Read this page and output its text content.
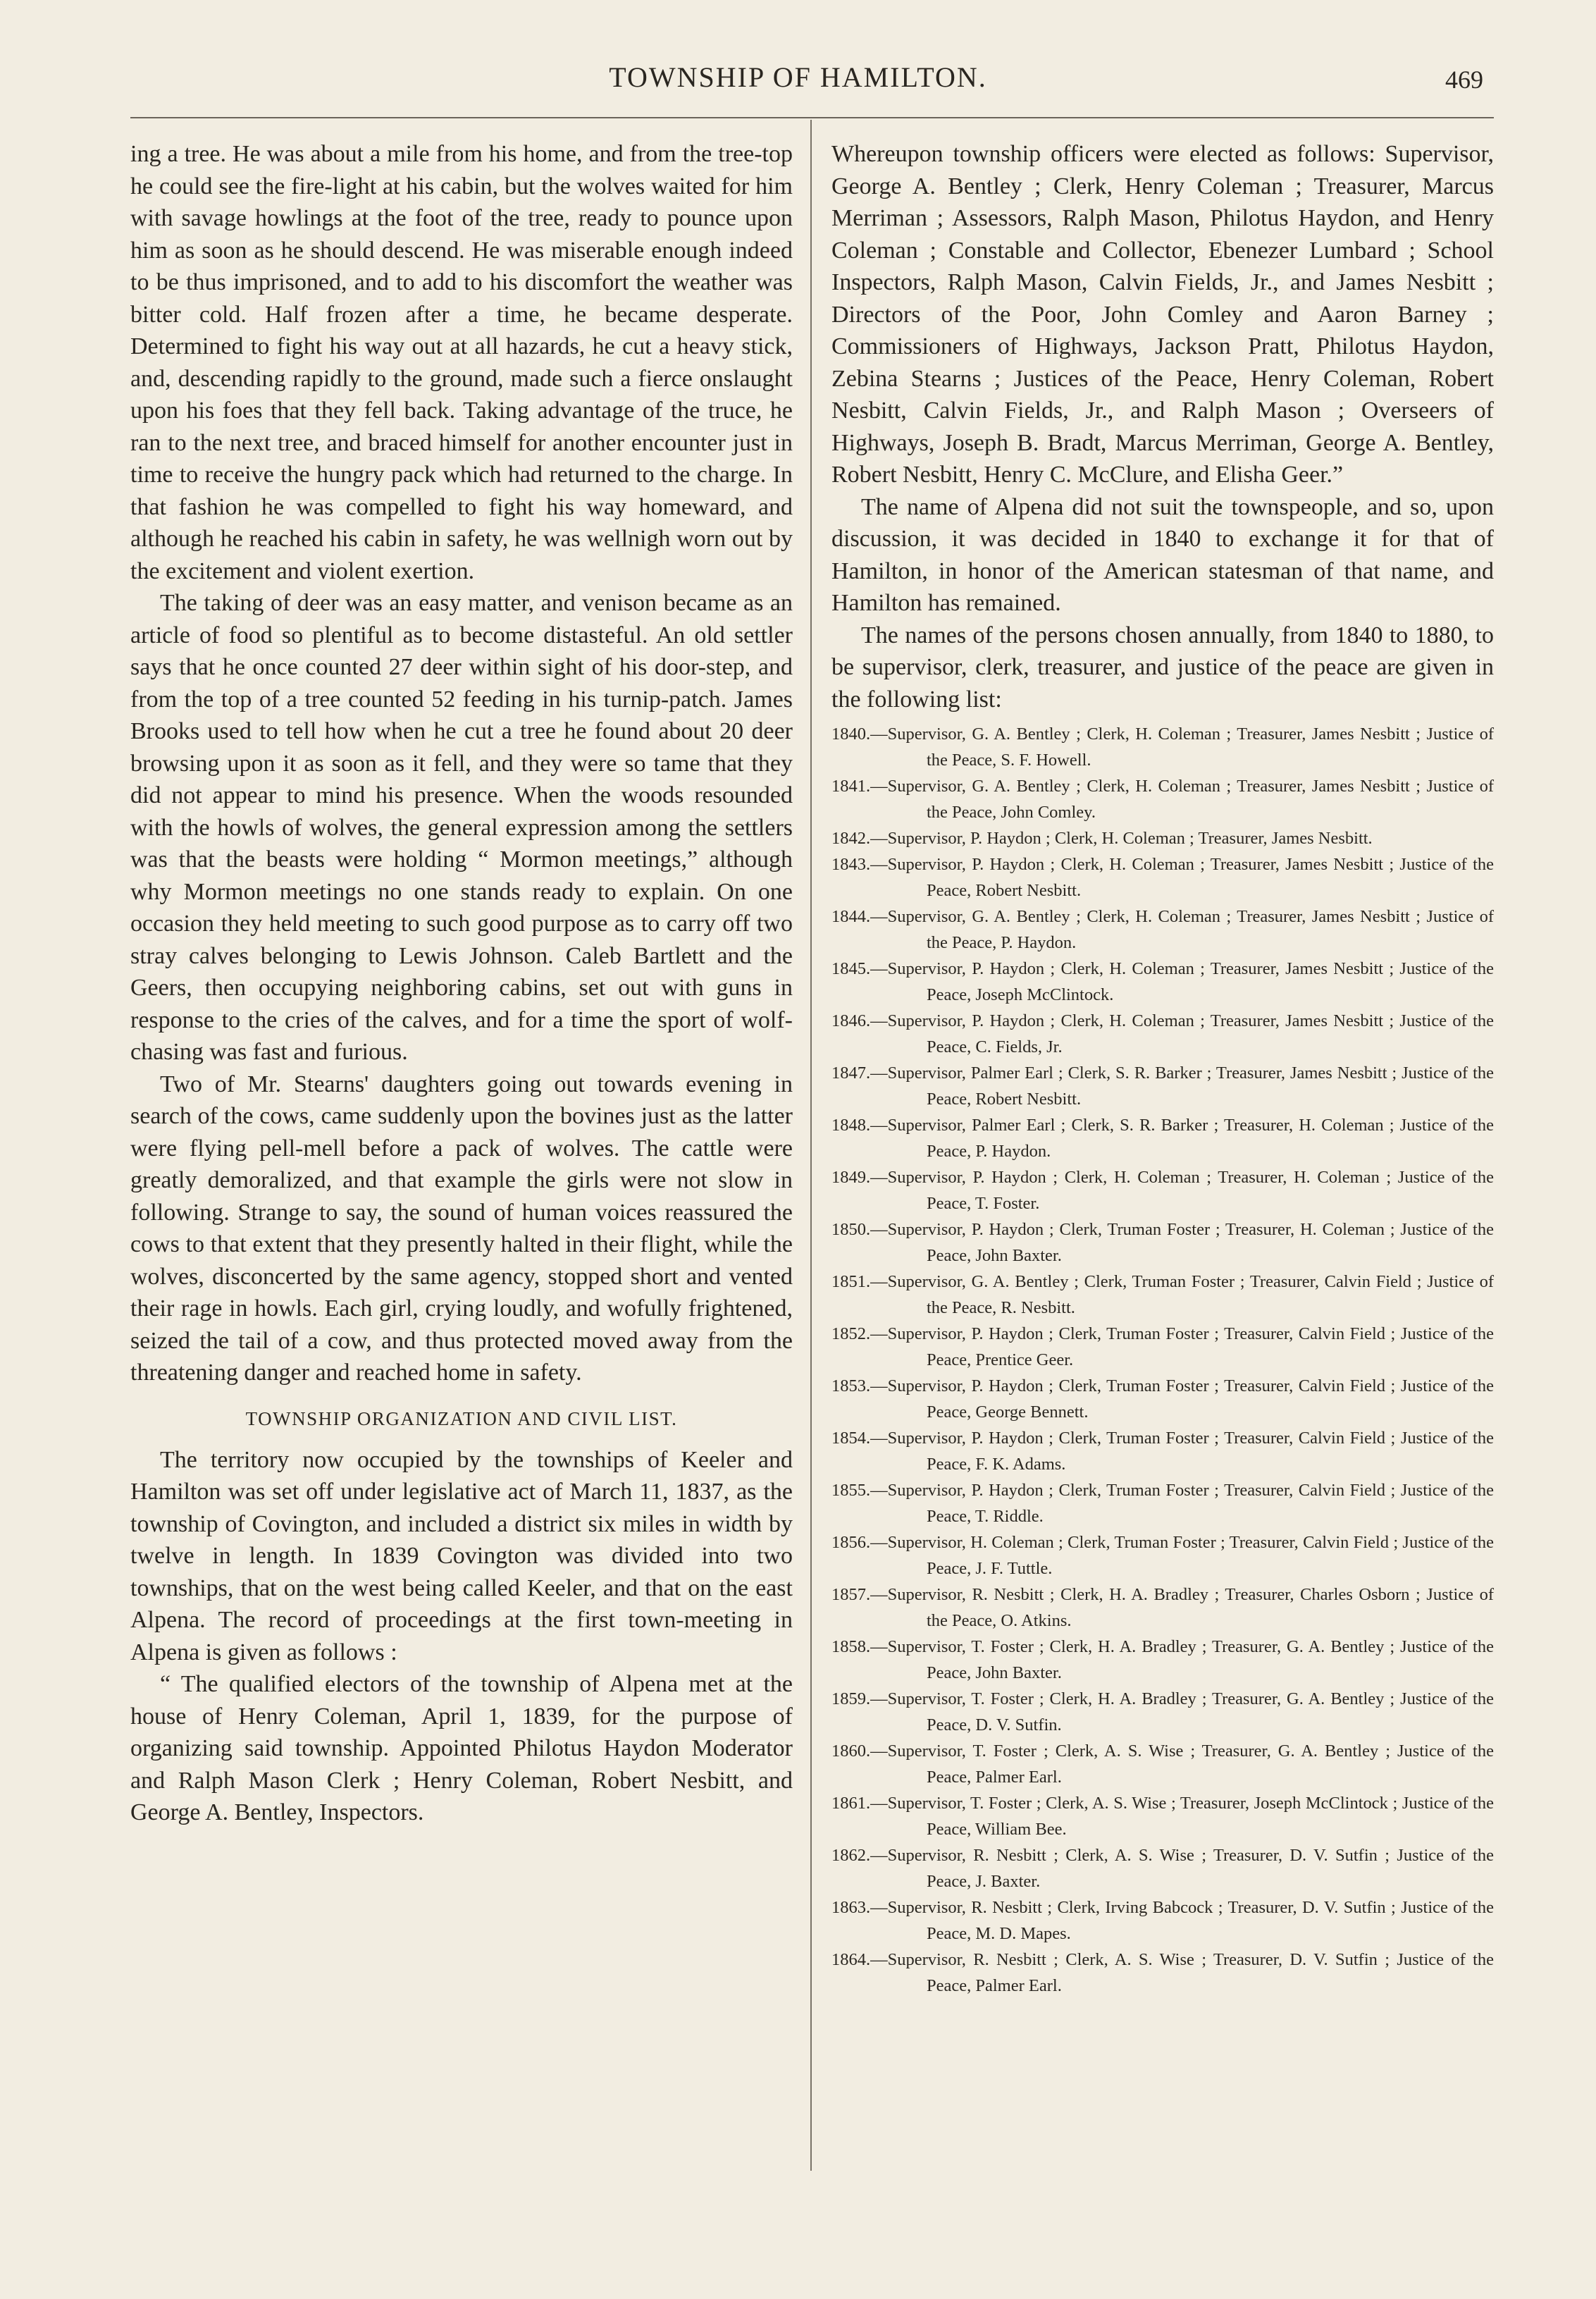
TOWNSHIP OF HAMILTON.	469

ing a tree. He was about a mile from his home, and from the tree-top he could see the fire-light at his cabin, but the wolves waited for him with savage howlings at the foot of the tree, ready to pounce upon him as soon as he should descend. He was miserable enough indeed to be thus imprisoned, and to add to his discomfort the weather was bitter cold. Half frozen after a time, he became desperate. Determined to fight his way out at all hazards, he cut a heavy stick, and, descending rapidly to the ground, made such a fierce onslaught upon his foes that they fell back. Taking advantage of the truce, he ran to the next tree, and braced himself for another encounter just in time to receive the hungry pack which had returned to the charge. In that fashion he was compelled to fight his way homeward, and although he reached his cabin in safety, he was wellnigh worn out by the excitement and violent exertion.

The taking of deer was an easy matter, and venison became as an article of food so plentiful as to become distasteful. An old settler says that he once counted 27 deer within sight of his door-step, and from the top of a tree counted 52 feeding in his turnip-patch. James Brooks used to tell how when he cut a tree he found about 20 deer browsing upon it as soon as it fell, and they were so tame that they did not appear to mind his presence. When the woods resounded with the howls of wolves, the general expression among the settlers was that the beasts were holding “ Mormon meetings,” although why Mormon meetings no one stands ready to explain. On one occasion they held meeting to such good purpose as to carry off two stray calves belonging to Lewis Johnson. Caleb Bartlett and the Geers, then occupying neighboring cabins, set out with guns in response to the cries of the calves, and for a time the sport of wolf-chasing was fast and furious.

Two of Mr. Stearns' daughters going out towards evening in search of the cows, came suddenly upon the bovines just as the latter were flying pell-mell before a pack of wolves. The cattle were greatly demoralized, and that example the girls were not slow in following. Strange to say, the sound of human voices reassured the cows to that extent that they presently halted in their flight, while the wolves, disconcerted by the same agency, stopped short and vented their rage in howls. Each girl, crying loudly, and wofully frightened, seized the tail of a cow, and thus protected moved away from the threatening danger and reached home in safety.

TOWNSHIP ORGANIZATION AND CIVIL LIST.

The territory now occupied by the townships of Keeler and Hamilton was set off under legislative act of March 11, 1837, as the township of Covington, and included a district six miles in width by twelve in length. In 1839 Covington was divided into two townships, that on the west being called Keeler, and that on the east Alpena. The record of proceedings at the first town-meeting in Alpena is given as follows :

“ The qualified electors of the township of Alpena met at the house of Henry Coleman, April 1, 1839, for the purpose of organizing said township. Appointed Philotus Haydon Moderator and Ralph Mason Clerk ; Henry Coleman, Robert Nesbitt, and George A. Bentley, Inspectors.

Whereupon township officers were elected as follows: Supervisor, George A. Bentley ; Clerk, Henry Coleman ; Treasurer, Marcus Merriman ; Assessors, Ralph Mason, Philotus Haydon, and Henry Coleman ; Constable and Collector, Ebenezer Lumbard ; School Inspectors, Ralph Mason, Calvin Fields, Jr., and James Nesbitt ; Directors of the Poor, John Comley and Aaron Barney ; Commissioners of Highways, Jackson Pratt, Philotus Haydon, Zebina Stearns ; Justices of the Peace, Henry Coleman, Robert Nesbitt, Calvin Fields, Jr., and Ralph Mason ; Overseers of Highways, Joseph B. Bradt, Marcus Merriman, George A. Bentley, Robert Nesbitt, Henry C. McClure, and Elisha Geer.”

The name of Alpena did not suit the townspeople, and so, upon discussion, it was decided in 1840 to exchange it for that of Hamilton, in honor of the American statesman of that name, and Hamilton has remained.

The names of the persons chosen annually, from 1840 to 1880, to be supervisor, clerk, treasurer, and justice of the peace are given in the following list:

1840.—Supervisor, G. A. Bentley ; Clerk, H. Coleman ; Treasurer, James Nesbitt ; Justice of the Peace, S. F. Howell.

1841.—Supervisor, G. A. Bentley ; Clerk, H. Coleman ; Treasurer, James Nesbitt ; Justice of the Peace, John Comley.

1842.—Supervisor, P. Haydon ; Clerk, H. Coleman ; Treasurer, James Nesbitt.

1843.—Supervisor, P. Haydon ; Clerk, H. Coleman ; Treasurer, James Nesbitt ; Justice of the Peace, Robert Nesbitt.

1844.—Supervisor, G. A. Bentley ; Clerk, H. Coleman ; Treasurer, James Nesbitt ; Justice of the Peace, P. Haydon.

1845.—Supervisor, P. Haydon ; Clerk, H. Coleman ; Treasurer, James Nesbitt ; Justice of the Peace, Joseph McClintock.

1846.—Supervisor, P. Haydon ; Clerk, H. Coleman ; Treasurer, James Nesbitt ; Justice of the Peace, C. Fields, Jr.

1847.—Supervisor, Palmer Earl ; Clerk, S. R. Barker ; Treasurer, James Nesbitt ; Justice of the Peace, Robert Nesbitt.

1848.—Supervisor, Palmer Earl ; Clerk, S. R. Barker ; Treasurer, H. Coleman ; Justice of the Peace, P. Haydon.

1849.—Supervisor, P. Haydon ; Clerk, H. Coleman ; Treasurer, H. Coleman ; Justice of the Peace, T. Foster.

1850.—Supervisor, P. Haydon ; Clerk, Truman Foster ; Treasurer, H. Coleman ; Justice of the Peace, John Baxter.

1851.—Supervisor, G. A. Bentley ; Clerk, Truman Foster ; Treasurer, Calvin Field ; Justice of the Peace, R. Nesbitt.

1852.—Supervisor, P. Haydon ; Clerk, Truman Foster ; Treasurer, Calvin Field ; Justice of the Peace, Prentice Geer.

1853.—Supervisor, P. Haydon ; Clerk, Truman Foster ; Treasurer, Calvin Field ; Justice of the Peace, George Bennett.

1854.—Supervisor, P. Haydon ; Clerk, Truman Foster ; Treasurer, Calvin Field ; Justice of the Peace, F. K. Adams.

1855.—Supervisor, P. Haydon ; Clerk, Truman Foster ; Treasurer, Calvin Field ; Justice of the Peace, T. Riddle.

1856.—Supervisor, H. Coleman ; Clerk, Truman Foster ; Treasurer, Calvin Field ; Justice of the Peace, J. F. Tuttle.

1857.—Supervisor, R. Nesbitt ; Clerk, H. A. Bradley ; Treasurer, Charles Osborn ; Justice of the Peace, O. Atkins.

1858.—Supervisor, T. Foster ; Clerk, H. A. Bradley ; Treasurer, G. A. Bentley ; Justice of the Peace, John Baxter.

1859.—Supervisor, T. Foster ; Clerk, H. A. Bradley ; Treasurer, G. A. Bentley ; Justice of the Peace, D. V. Sutfin.

1860.—Supervisor, T. Foster ; Clerk, A. S. Wise ; Treasurer, G. A. Bentley ; Justice of the Peace, Palmer Earl.

1861.—Supervisor, T. Foster ; Clerk, A. S. Wise ; Treasurer, Joseph McClintock ; Justice of the Peace, William Bee.

1862.—Supervisor, R. Nesbitt ; Clerk, A. S. Wise ; Treasurer, D. V. Sutfin ; Justice of the Peace, J. Baxter.

1863.—Supervisor, R. Nesbitt ; Clerk, Irving Babcock ; Treasurer, D. V. Sutfin ; Justice of the Peace, M. D. Mapes.

1864.—Supervisor, R. Nesbitt ; Clerk, A. S. Wise ; Treasurer, D. V. Sutfin ; Justice of the Peace, Palmer Earl.
